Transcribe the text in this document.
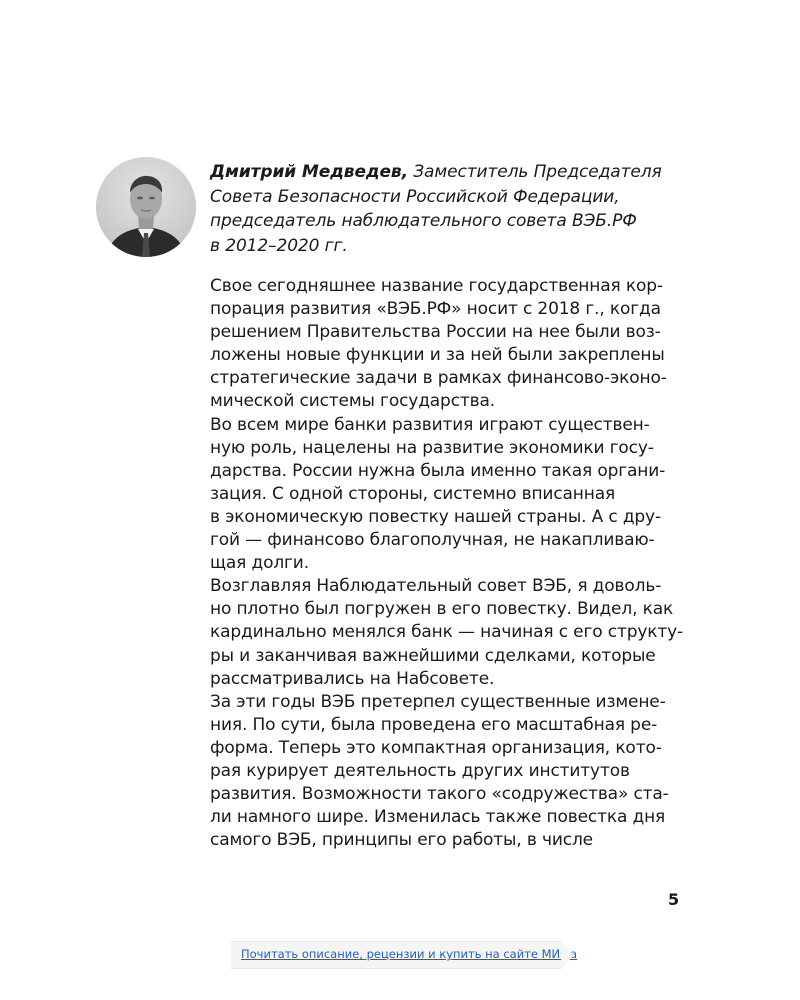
Дмитрий Медведев, Заместитель Председателя
Совета Безопасности Российской Федерации,
председатель наблюдательного совета ВЭБ.РФ
в 2012–2020 гг.
Свое сегодняшнее название государственная кор-
порация развития «ВЭБ.РФ» носит с 2018 г., когда
решением Правительства России на нее были воз-
ложены новые функции и за ней были закреплены
стратегические задачи в рамках финансово-эконо-
мической системы государства.
Во всем мире банки развития играют существен-
ную роль, нацелены на развитие экономики госу-
дарства. России нужна была именно такая органи-
зация. С одной стороны, системно вписанная
в экономическую повестку нашей страны. А с дру-
гой — финансово благополучная, не накапливаю-
щая долги.
Возглавляя Наблюдательный совет ВЭБ, я доволь-
но плотно был погружен в его повестку. Видел, как
кардинально менялся банк — начиная с его структу-
ры и заканчивая важнейшими сделками, которые
рассматривались на Набсовете.
За эти годы ВЭБ претерпел существенные измене-
ния. По сути, была проведена его масштабная ре-
форма. Теперь это компактная организация, кото-
рая курирует деятельность других институтов
развития. Возможности такого «содружества» ста-
ли намного шире. Изменилась также повестка дня
самого ВЭБ, принципы его работы, в числе
5
Почитать описание, рецензии и купить на сайте МИФа
